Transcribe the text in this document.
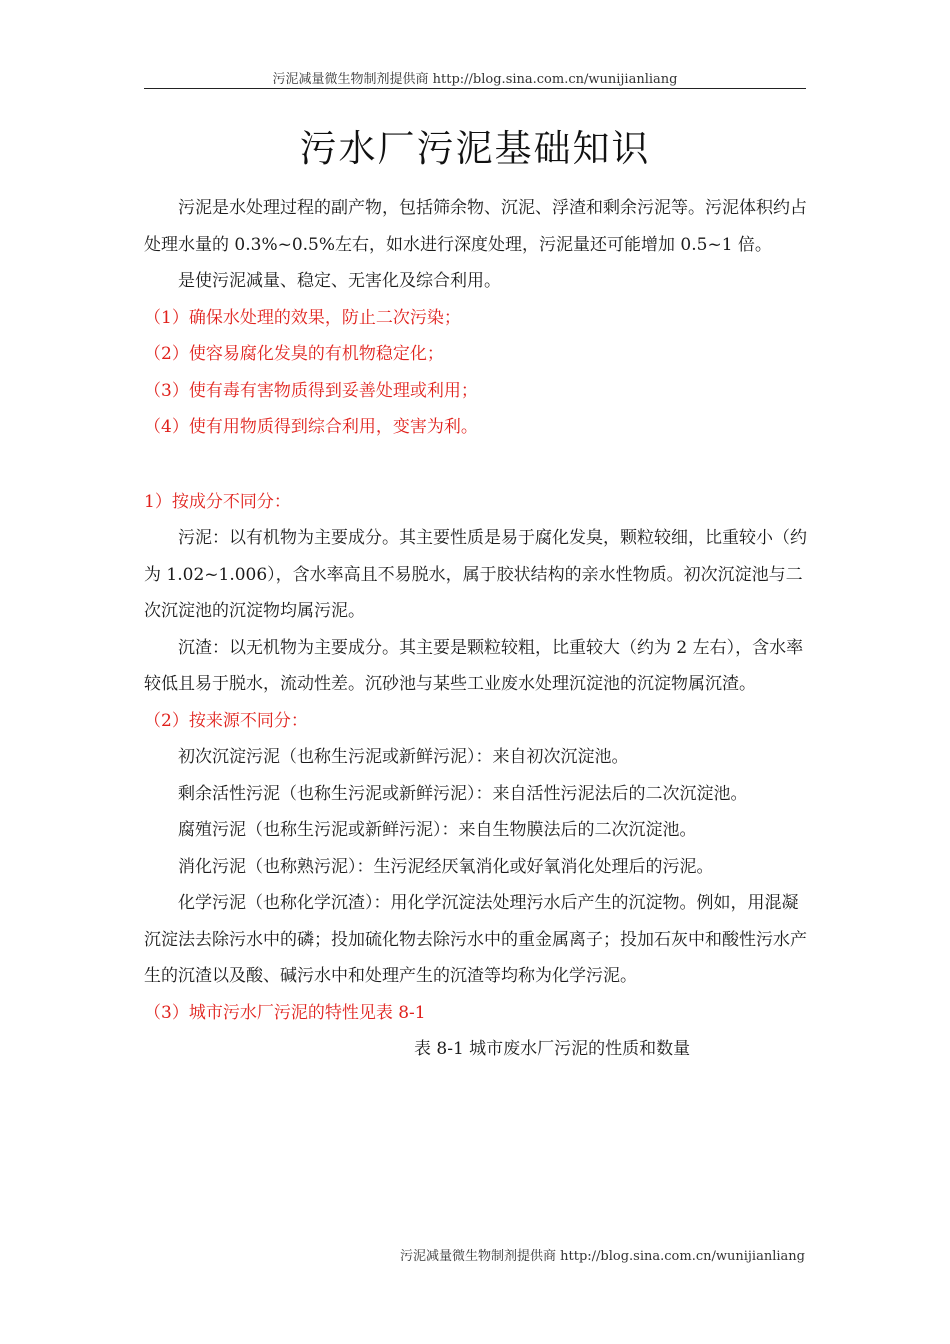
污泥减量微生物制剂提供商 http://blog.sina.com.cn/wunijianliang
污水厂污泥基础知识

污泥是水处理过程的副产物，包括筛余物、沉泥、浮渣和剩余污泥等。污泥体积约占处理水量的 0.3%~0.5%左右，如水进行深度处理，污泥量还可能增加 0.5~1 倍。

是使污泥减量、稳定、无害化及综合利用。

（1）确保水处理的效果，防止二次污染；

（2）使容易腐化发臭的有机物稳定化；

（3）使有毒有害物质得到妥善处理或利用；

（4）使有用物质得到综合利用，变害为利。

1）按成分不同分：

污泥：以有机物为主要成分。其主要性质是易于腐化发臭，颗粒较细，比重较小（约为 1.02~1.006），含水率高且不易脱水，属于胶状结构的亲水性物质。初次沉淀池与二次沉淀池的沉淀物均属污泥。

沉渣：以无机物为主要成分。其主要是颗粒较粗，比重较大（约为 2 左右），含水率较低且易于脱水，流动性差。沉砂池与某些工业废水处理沉淀池的沉淀物属沉渣。

（2）按来源不同分：

初次沉淀污泥（也称生污泥或新鲜污泥）：来自初次沉淀池。

剩余活性污泥（也称生污泥或新鲜污泥）：来自活性污泥法后的二次沉淀池。

腐殖污泥（也称生污泥或新鲜污泥）：来自生物膜法后的二次沉淀池。

消化污泥（也称熟污泥）：生污泥经厌氧消化或好氧消化处理后的污泥。

化学污泥（也称化学沉渣）：用化学沉淀法处理污水后产生的沉淀物。例如，用混凝沉淀法去除污水中的磷；投加硫化物去除污水中的重金属离子；投加石灰中和酸性污水产生的沉渣以及酸、碱污水中和处理产生的沉渣等均称为化学污泥。

（3）城市污水厂污泥的特性见表 8-1

表 8-1 城市废水厂污泥的性质和数量

污泥减量微生物制剂提供商 http://blog.sina.com.cn/wunijianliang
